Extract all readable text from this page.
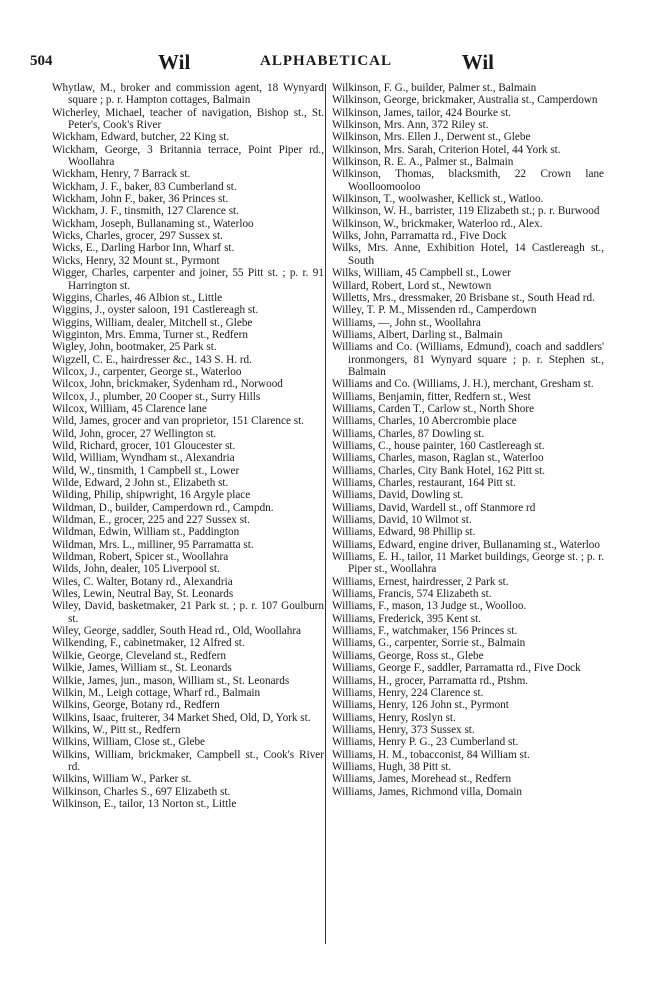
504	ALPHABETICAL
Wil	Wil

Whytlaw, M., broker and commission agent, 18 Wynyard square ; p. r. Hampton cottages, Balmain

Wicherley, Michael, teacher of navigation, Bishop st., St. Peter's, Cook's River

Wickham, Edward, butcher, 22 King st.

Wickham, George, 3 Britannia terrace, Point Piper rd., Woollahra

Wickham, Henry, 7 Barrack st.

Wickham, J. F., baker, 83 Cumberland st.

Wickham, John F., baker, 36 Princes st.

Wickham, J. F., tinsmith, 127 Clarence st.

Wickham, Joseph, Bullanaming st., Waterloo

Wicks, Charles, grocer, 297 Sussex st.

Wicks, E., Darling Harbor Inn, Wharf st.

Wicks, Henry, 32 Mount st., Pyrmont

Wigger, Charles, carpenter and joiner, 55 Pitt st. ; p. r. 91 Harrington st.

Wiggins, Charles, 46 Albion st., Little

Wiggins, J., oyster saloon, 191 Castlereagh st.

Wiggins, William, dealer, Mitchell st., Glebe

Wigginton, Mrs. Emma, Turner st., Redfern

Wigley, John, bootmaker, 25 Park st.

Wigzell, C. E., hairdresser &c., 143 S. H. rd.

Wilcox, J., carpenter, George st., Waterloo

Wilcox, John, brickmaker, Sydenham rd., Norwood

Wilcox, J., plumber, 20 Cooper st., Surry Hills

Wilcox, William, 45 Clarence lane

Wild, James, grocer and van proprietor, 151 Clarence st.

Wild, John, grocer, 27 Wellington st.

Wild, Richard, grocer, 101 Gloucester st.

Wild, William, Wyndham st., Alexandria

Wild, W., tinsmith, 1 Campbell st., Lower

Wilde, Edward, 2 John st., Elizabeth st.

Wilding, Philip, shipwright, 16 Argyle place

Wildman, D., builder, Camperdown rd., Campdn.

Wildman, E., grocer, 225 and 227 Sussex st.

Wildman, Edwin, William st., Paddington

Wildman, Mrs. L., milliner, 95 Parramatta st.

Wildman, Robert, Spicer st., Woollahra

Wilds, John, dealer, 105 Liverpool st.

Wiles, C. Walter, Botany rd., Alexandria

Wiles, Lewin, Neutral Bay, St. Leonards

Wiley, David, basketmaker, 21 Park st. ; p. r. 107 Goulburn st.

Wiley, George, saddler, South Head rd., Old, Woollahra

Wilkending, F., cabinetmaker, 12 Alfred st.

Wilkie, George, Cleveland st., Redfern

Wilkie, James, William st., St. Leonards

Wilkie, James, jun., mason, William st., St. Leonards

Wilkin, M., Leigh cottage, Wharf rd., Balmain

Wilkins, George, Botany rd., Redfern

Wilkins, Isaac, fruiterer, 34 Market Shed, Old, D, York st.

Wilkins, W., Pitt st., Redfern

Wilkins, William, Close st., Glebe

Wilkins, William, brickmaker, Campbell st., Cook's River rd.

Wilkins, William W., Parker st.

Wilkinson, Charles S., 697 Elizabeth st.

Wilkinson, E., tailor, 13 Norton st., Little

Wilkinson, F. G., builder, Palmer st., Balmain

Wilkinson, George, brickmaker, Australia st., Camperdown

Wilkinson, James, tailor, 424 Bourke st.

Wilkinson, Mrs. Ann, 372 Riley st.

Wilkinson, Mrs. Ellen J., Derwent st., Glebe

Wilkinson, Mrs. Sarah, Criterion Hotel, 44 York st.

Wilkinson, R. E. A., Palmer st., Balmain

Wilkinson, Thomas, blacksmith, 22 Crown lane Woolloomooloo

Wilkinson, T., woolwasher, Kellick st., Watloo.

Wilkinson, W. H., barrister, 119 Elizabeth st.; p. r. Burwood

Wilkinson, W., brickmaker, Waterloo rd., Alex.

Wilks, John, Parramatta rd., Five Dock

Wilks, Mrs. Anne, Exhibition Hotel, 14 Castlereagh st., South

Wilks, William, 45 Campbell st., Lower

Willard, Robert, Lord st., Newtown

Willetts, Mrs., dressmaker, 20 Brisbane st., South Head rd.

Willey, T. P. M., Missenden rd., Camperdown

Williams, —, John st., Woollahra

Williams, Albert, Darling st., Balmain

Williams and Co. (Williams, Edmund), coach and saddlers' ironmongers, 81 Wynyard square ; p. r. Stephen st., Balmain

Williams and Co. (Williams, J. H.), merchant, Gresham st.

Williams, Benjamin, fitter, Redfern st., West

Williams, Carden T., Carlow st., North Shore

Williams, Charles, 10 Abercrombie place

Williams, Charles, 87 Dowling st.

Williams, C., house painter, 160 Castlereagh st.

Williams, Charles, mason, Raglan st., Waterloo

Williams, Charles, City Bank Hotel, 162 Pitt st.

Williams, Charles, restaurant, 164 Pitt st.

Williams, David, Dowling st.

Williams, David, Wardell st., off Stanmore rd

Williams, David, 10 Wilmot st.

Williams, Edward, 98 Phillip st.

Williams, Edward, engine driver, Bullanaming st., Waterloo

Williams, E. H., tailor, 11 Market buildings, George st. ; p. r. Piper st., Woollahra

Williams, Ernest, hairdresser, 2 Park st.

Williams, Francis, 574 Elizabeth st.

Williams, F., mason, 13 Judge st., Woolloo.

Williams, Frederick, 395 Kent st.

Williams, F., watchmaker, 156 Princes st.

Williams, G., carpenter, Sorrie st., Balmain

Williams, George, Ross st., Glebe

Williams, George F., saddler, Parramatta rd., Five Dock

Williams, H., grocer, Parramatta rd., Ptshm.

Williams, Henry, 224 Clarence st.

Williams, Henry, 126 John st., Pyrmont

Williams, Henry, Roslyn st.

Williams, Henry, 373 Sussex st.

Williams, Henry P. G., 23 Cumberland st.

Williams, H. M., tobacconist, 84 William st.

Williams, Hugh, 38 Pitt st.

Williams, James, Morehead st., Redfern

Williams, James, Richmond villa, Domain
